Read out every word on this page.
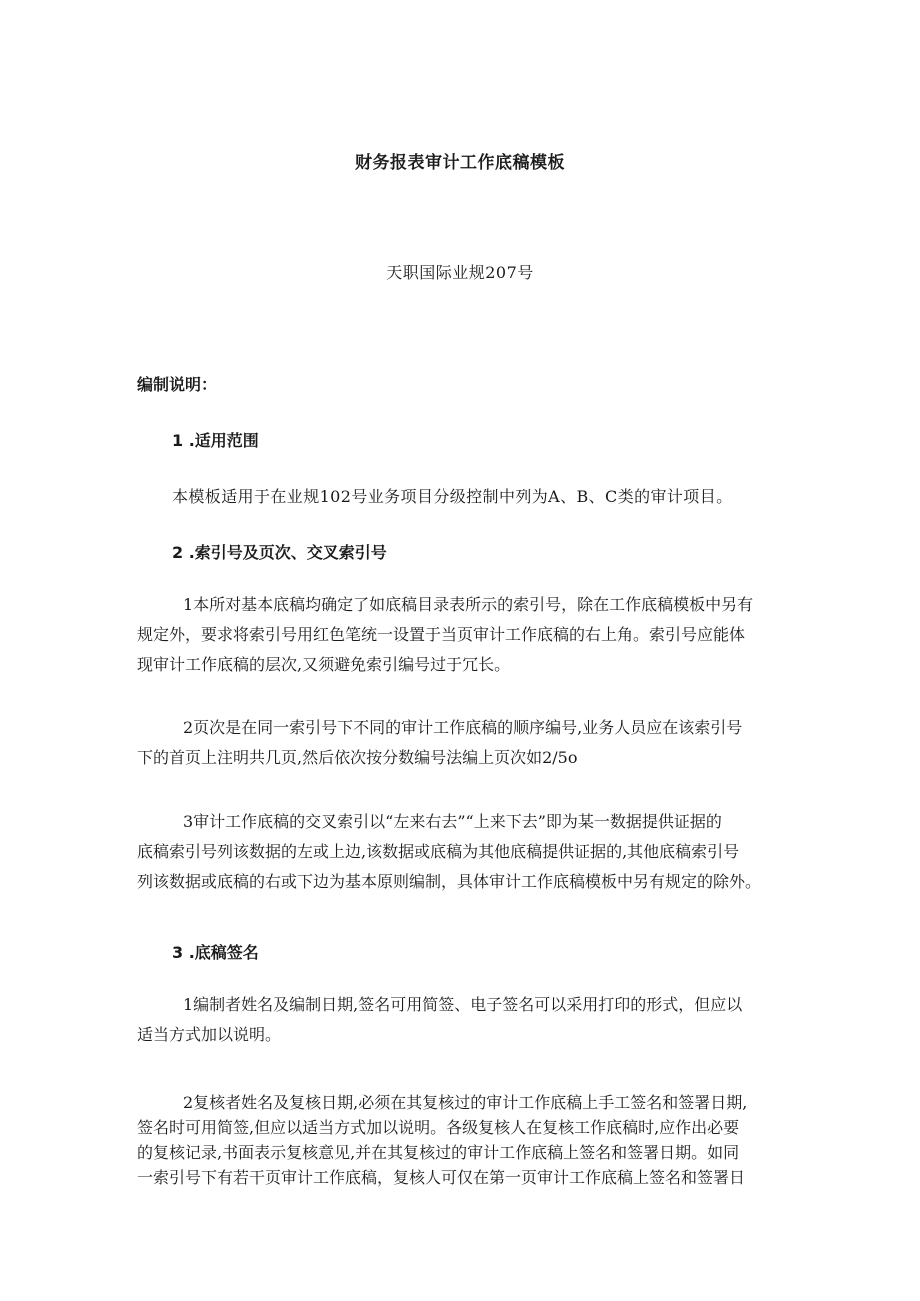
财务报表审计工作底稿模板
天职国际业规207号
编制说明：
1 .适用范围
本模板适用于在业规102号业务项目分级控制中列为A、B、C类的审计项目。
2 .索引号及页次、交叉索引号
1本所对基本底稿均确定了如底稿目录表所示的索引号，除在工作底稿模板中另有
规定外，要求将索引号用红色笔统一设置于当页审计工作底稿的右上角。索引号应能体
现审计工作底稿的层次,又须避免索引编号过于冗长。
2页次是在同一索引号下不同的审计工作底稿的顺序编号,业务人员应在该索引号
下的首页上注明共几页,然后依次按分数编号法编上页次如2/5o
3审计工作底稿的交叉索引以“左来右去”“上来下去”即为某一数据提供证据的
底稿索引号列该数据的左或上边,该数据或底稿为其他底稿提供证据的,其他底稿索引号
列该数据或底稿的右或下边为基本原则编制，具体审计工作底稿模板中另有规定的除外。
3 .底稿签名
1编制者姓名及编制日期,签名可用简签、电子签名可以采用打印的形式，但应以
适当方式加以说明。
2复核者姓名及复核日期,必须在其复核过的审计工作底稿上手工签名和签署日期,
签名时可用简签,但应以适当方式加以说明。各级复核人在复核工作底稿时,应作出必要
的复核记录,书面表示复核意见,并在其复核过的审计工作底稿上签名和签署日期。如同
一索引号下有若干页审计工作底稿，复核人可仅在第一页审计工作底稿上签名和签署日
